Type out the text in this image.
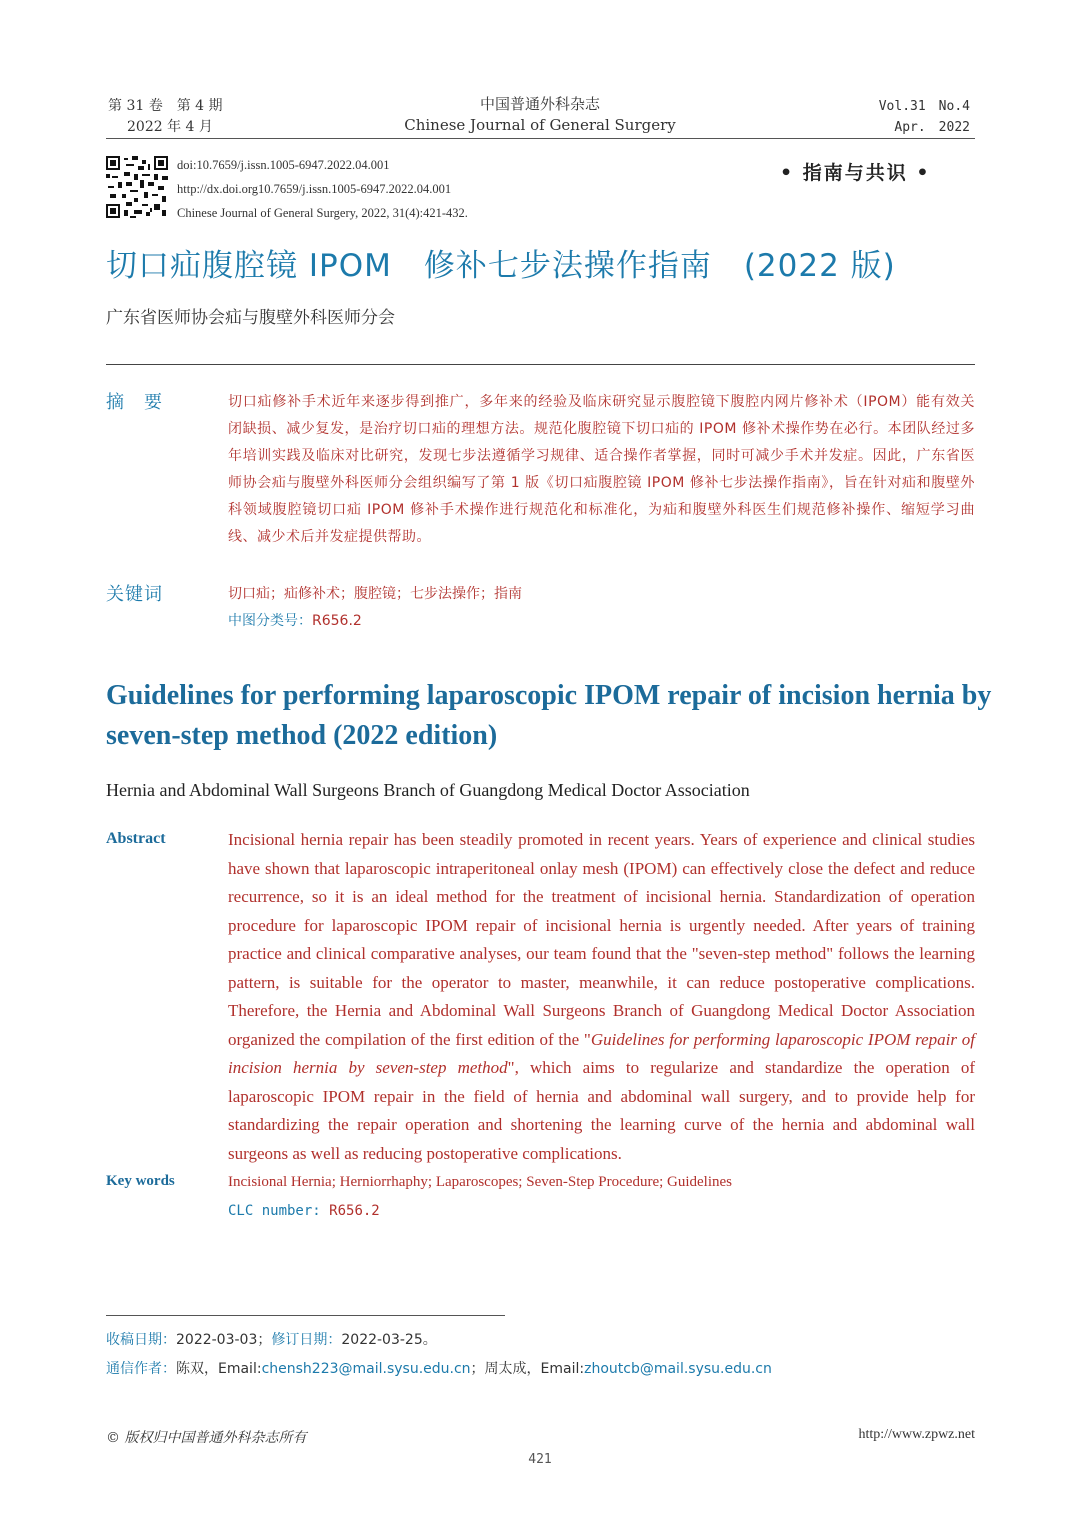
第 31 卷　第 4 期
2022 年 4 月
中国普通外科杂志
Chinese Journal of General Surgery
Vol.31　No.4
Apr.　2022
doi:10.7659/j.issn.1005-6947.2022.04.001
http://dx.doi.org10.7659/j.issn.1005-6947.2022.04.001
Chinese Journal of General Surgery, 2022, 31(4):421-432.
• 指南与共识 •
切口疝腹腔镜 IPOM　修补七步法操作指南　(2022 版)
广东省医师协会疝与腹壁外科医师分会
摘　要	切口疝修补手术近年来逐步得到推广，多年来的经验及临床研究显示腹腔镜下腹腔内网片修补术（IPOM）能有效关闭缺损、减少复发，是治疗切口疝的理想方法。规范化腹腔镜下切口疝的 IPOM 修补术操作势在必行。本团队经过多年培训实践及临床对比研究，发现七步法遵循学习规律、适合操作者掌握，同时可减少手术并发症。因此，广东省医师协会疝与腹壁外科医师分会组织编写了第 1 版《切口疝腹腔镜 IPOM 修补七步法操作指南》，旨在针对疝和腹壁外科领域腹腔镜切口疝 IPOM 修补手术操作进行规范化和标准化，为疝和腹壁外科医生们规范修补操作、缩短学习曲线、减少术后并发症提供帮助。
关键词	切口疝；疝修补术；腹腔镜；七步法操作；指南
中图分类号：R656.2
Guidelines for performing laparoscopic IPOM repair of incision hernia by seven-step method (2022 edition)
Hernia and Abdominal Wall Surgeons Branch of Guangdong Medical Doctor Association
Abstract	Incisional hernia repair has been steadily promoted in recent years. Years of experience and clinical studies have shown that laparoscopic intraperitoneal onlay mesh (IPOM) can effectively close the defect and reduce recurrence, so it is an ideal method for the treatment of incisional hernia. Standardization of operation procedure for laparoscopic IPOM repair of incisional hernia is urgently needed. After years of training practice and clinical comparative analyses, our team found that the "seven-step method" follows the learning pattern, is suitable for the operator to master, meanwhile, it can reduce postoperative complications. Therefore, the Hernia and Abdominal Wall Surgeons Branch of Guangdong Medical Doctor Association organized the compilation of the first edition of the "Guidelines for performing laparoscopic IPOM repair of incision hernia by seven-step method", which aims to regularize and standardize the operation of laparoscopic IPOM repair in the field of hernia and abdominal wall surgery, and to provide help for standardizing the repair operation and shortening the learning curve of the hernia and abdominal wall surgeons as well as reducing postoperative complications.
Key words	Incisional Hernia; Herniorrhaphy; Laparoscopes; Seven-Step Procedure; Guidelines
CLC number: R656.2
收稿日期：2022-03-03；修订日期：2022-03-25。
通信作者：陈双，Email:chensh223@mail.sysu.edu.cn；周太成，Email:zhoutcb@mail.sysu.edu.cn
© 版权归中国普通外科杂志所有	http://www.zpwz.net
421
